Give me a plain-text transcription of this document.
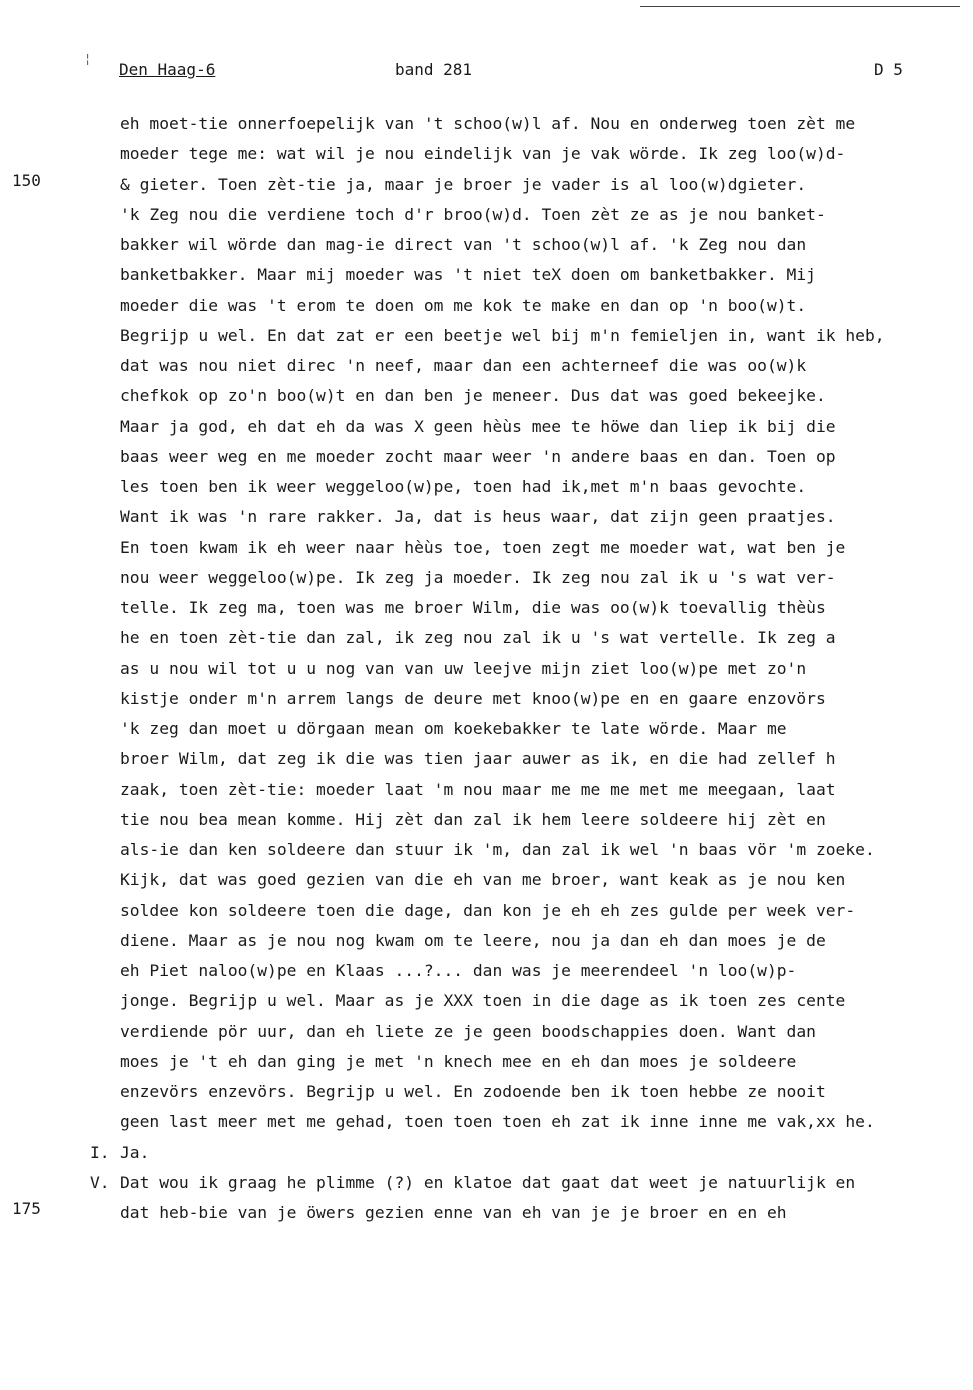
¦
Den Haag-6	band 281	D 5
150
175
eh moet-tie onnerfoepelijk van 't schoo(w)l af. Nou en onderweg toen zèt me
moeder tege me: wat wil je nou eindelijk van je vak wörde. Ik zeg loo(w)d-
& gieter. Toen zèt-tie ja, maar je broer je vader is al loo(w)dgieter.
'k Zeg nou die verdiene toch d'r broo(w)d. Toen zèt ze as je nou banket-
bakker wil wörde dan mag-ie direct van 't schoo(w)l af. 'k Zeg nou dan
banketbakker. Maar mij moeder was 't niet teX doen om banketbakker. Mij
moeder die was 't erom te doen om me kok te make en dan op 'n boo(w)t.
Begrijp u wel. En dat zat er een beetje wel bij m'n femieljen in, want ik heb,
dat was nou niet direc 'n neef, maar dan een achterneef die was oo(w)k
chefkok op zo'n boo(w)t en dan ben je meneer. Dus dat was goed bekeejke.
Maar ja god, eh dat eh da was X geen hèùs mee te höwe dan liep ik bij die
baas weer weg en me moeder zocht maar weer 'n andere baas en dan. Toen op
les toen ben ik weer weggeloo(w)pe, toen had ik,met m'n baas gevochte.
Want ik was 'n rare rakker. Ja, dat is heus waar, dat zijn geen praatjes.
En toen kwam ik eh weer naar hèùs toe, toen zegt me moeder wat, wat ben je
nou weer weggeloo(w)pe. Ik zeg ja moeder. Ik zeg nou zal ik u 's wat ver-
telle. Ik zeg ma, toen was me broer Wilm, die was oo(w)k toevallig thèùs
he en toen zèt-tie dan zal, ik zeg nou zal ik u 's wat vertelle. Ik zeg a
as u nou wil tot u u nog van van uw leejve mijn ziet loo(w)pe met zo'n
kistje onder m'n arrem langs de deure met knoo(w)pe en en gaare enzovörs
'k zeg dan moet u dörgaan mean om koekebakker te late wörde. Maar me
broer Wilm, dat zeg ik die was tien jaar auwer as ik, en die had zellef h
zaak, toen zèt-tie: moeder laat 'm nou maar me me me met me meegaan, laat
tie nou bea mean komme. Hij zèt dan zal ik hem leere soldeere hij zèt en
als-ie dan ken soldeere dan stuur ik 'm, dan zal ik wel 'n baas vör 'm zoeke.
Kijk, dat was goed gezien van die eh van me broer, want keak as je nou ken
soldee kon soldeere toen die dage, dan kon je eh eh zes gulde per week ver-
diene. Maar as je nou nog kwam om te leere, nou ja dan eh dan moes je de
eh Piet naloo(w)pe en Klaas ...?... dan was je meerendeel 'n loo(w)p-
jonge. Begrijp u wel. Maar as je XXX toen in die dage as ik toen zes cente
verdiende pör uur, dan eh liete ze je geen boodschappies doen. Want dan
moes je 't eh dan ging je met 'n knech mee en eh dan moes je soldeere
enzevörs enzevörs. Begrijp u wel. En zodoende ben ik toen hebbe ze nooit
geen last meer met me gehad, toen toen toen eh zat ik inne inne me vak,xx he.
I. Ja.
V. Dat wou ik graag he plimme (?) en klatoe dat gaat dat weet je natuurlijk en
dat heb-bie van je öwers gezien enne van eh van je je broer en en eh
